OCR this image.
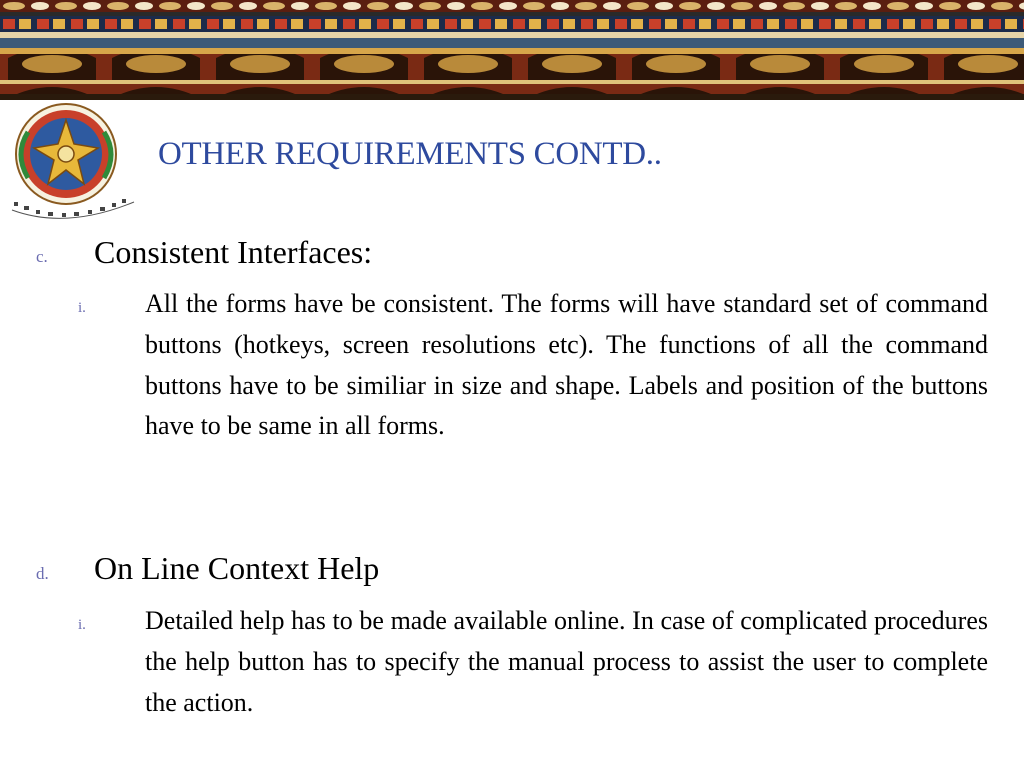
OTHER REQUIREMENTS CONTD..
c. Consistent Interfaces:
i. All the forms have be consistent. The forms will have standard set of command buttons (hotkeys, screen resolutions etc). The functions of all the command buttons have to be similiar in size and shape. Labels and position of the buttons have to be same in all forms.

d. On Line Context Help
i. Detailed help has to be made available online. In case of complicated procedures the help button has to specify the manual process to assist the user to complete the action.
